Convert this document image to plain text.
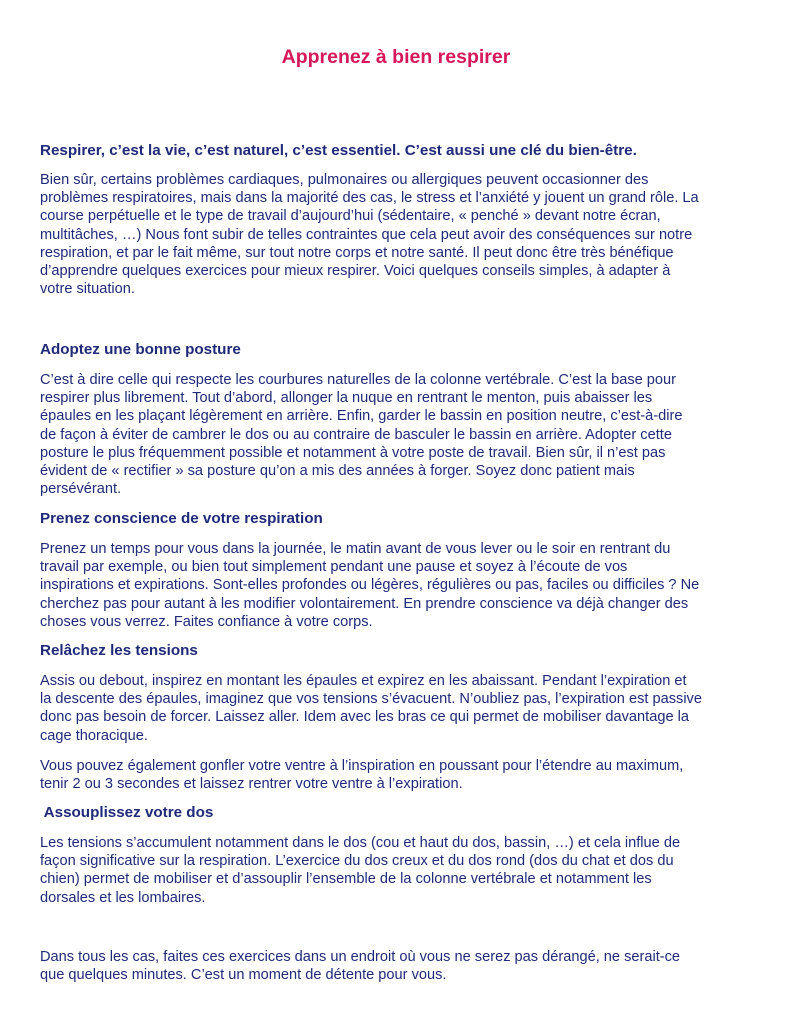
Apprenez à bien respirer
Respirer, c’est la vie, c’est naturel, c’est essentiel. C’est aussi une clé du bien-être.
Bien sûr, certains problèmes cardiaques, pulmonaires ou allergiques peuvent occasionner des
problèmes respiratoires, mais dans la majorité des cas, le stress et l’anxiété y jouent un grand rôle. La
course perpétuelle et le type de travail d’aujourd’hui (sédentaire, « penché » devant notre écran,
multitâches, …) Nous font subir de telles contraintes que cela peut avoir des conséquences sur notre
respiration, et par le fait même, sur tout notre corps et notre santé. Il peut donc être très bénéfique
d’apprendre quelques exercices pour mieux respirer. Voici quelques conseils simples, à adapter à
votre situation.
Adoptez une bonne posture
C’est à dire celle qui respecte les courbures naturelles de la colonne vertébrale. C’est la base pour
respirer plus librement. Tout d’abord, allonger la nuque en rentrant le menton, puis abaisser les
épaules en les plaçant légèrement en arrière. Enfin, garder le bassin en position neutre, c’est-à-dire
de façon à éviter de cambrer le dos ou au contraire de basculer le bassin en arrière. Adopter cette
posture le plus fréquemment possible et notamment à votre poste de travail. Bien sûr, il n’est pas
évident de « rectifier » sa posture qu’on a mis des années à forger. Soyez donc patient mais
persévérant.
Prenez conscience de votre respiration
Prenez un temps pour vous dans la journée, le matin avant de vous lever ou le soir en rentrant du
travail par exemple, ou bien tout simplement pendant une pause et soyez à l’écoute de vos
inspirations et expirations. Sont-elles profondes ou légères, régulières ou pas, faciles ou difficiles ? Ne
cherchez pas pour autant à les modifier volontairement. En prendre conscience va déjà changer des
choses vous verrez. Faites confiance à votre corps.
Relâchez les tensions
Assis ou debout, inspirez en montant les épaules et expirez en les abaissant. Pendant l’expiration et
la descente des épaules, imaginez que vos tensions s’évacuent. N’oubliez pas, l’expiration est passive
donc pas besoin de forcer. Laissez aller. Idem avec les bras ce qui permet de mobiliser davantage la
cage thoracique.
Vous pouvez également gonfler votre ventre à l’inspiration en poussant pour l’étendre au maximum,
tenir 2 ou 3 secondes et laissez rentrer votre ventre à l’expiration.
Assouplissez votre dos
Les tensions s’accumulent notamment dans le dos (cou et haut du dos, bassin, …) et cela influe de
façon significative sur la respiration. L’exercice du dos creux et du dos rond (dos du chat et dos du
chien) permet de mobiliser et d’assouplir l’ensemble de la colonne vertébrale et notamment les
dorsales et les lombaires.
Dans tous les cas, faites ces exercices dans un endroit où vous ne serez pas dérangé, ne serait-ce
que quelques minutes. C’est un moment de détente pour vous.
